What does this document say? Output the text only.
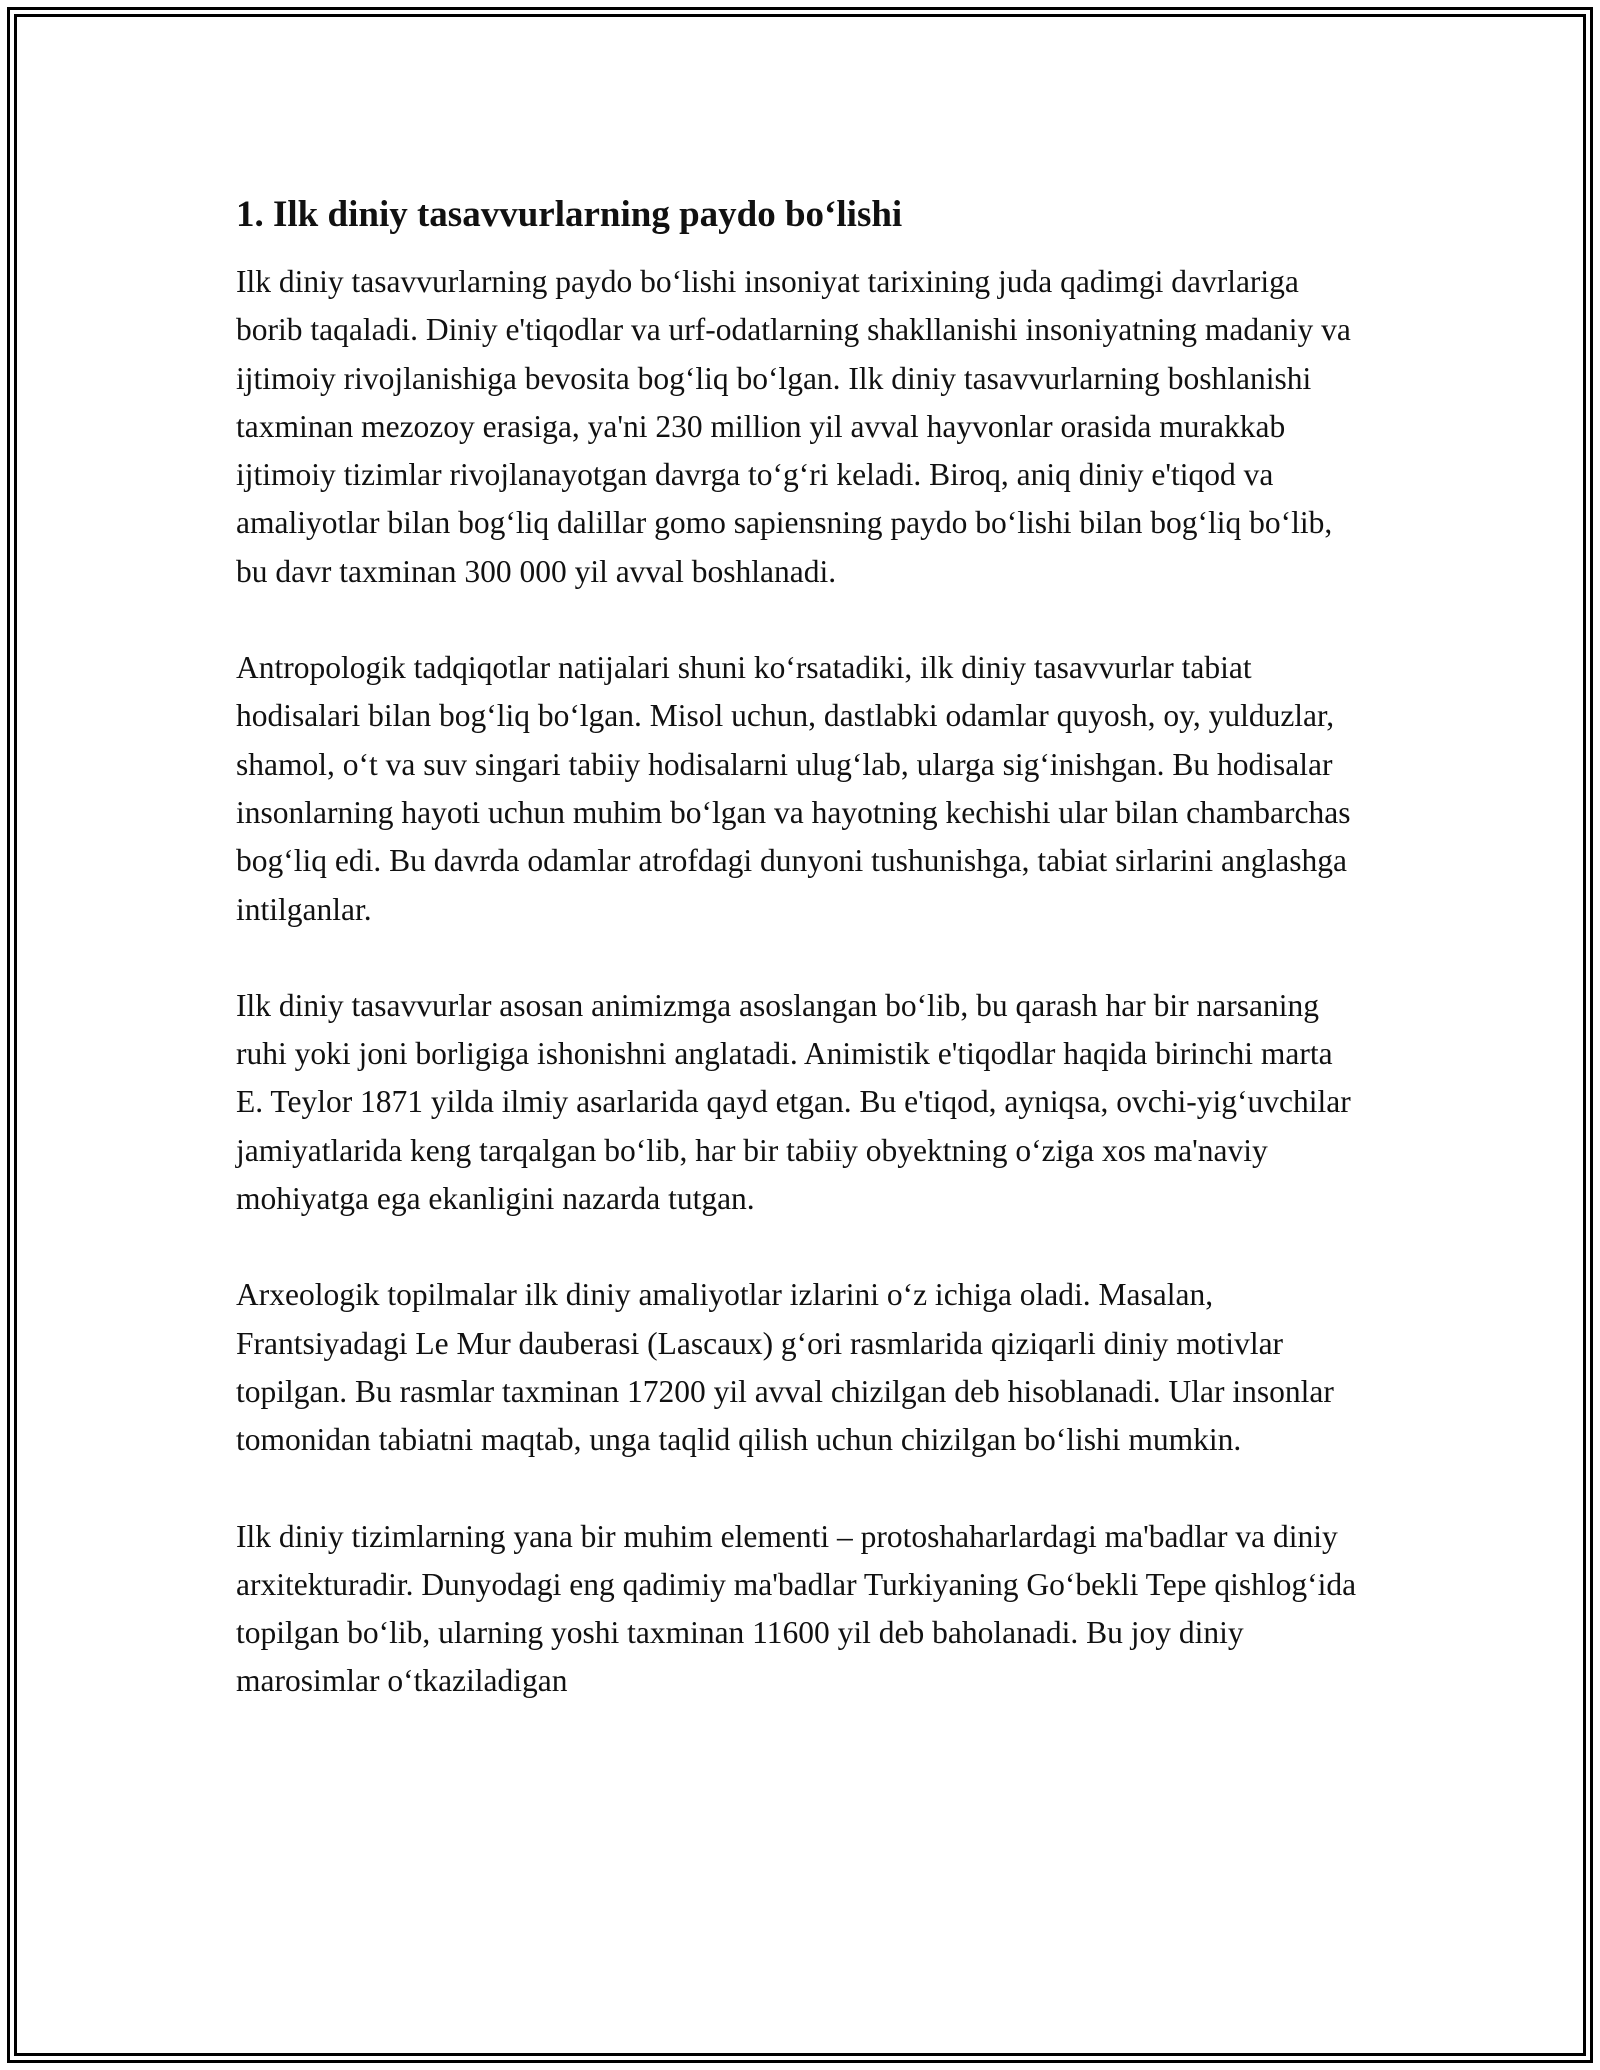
1. Ilk diniy tasavvurlarning paydo bo‘lishi

Ilk diniy tasavvurlarning paydo bo‘lishi insoniyat tarixining juda qadimgi davrlariga borib taqaladi. Diniy e'tiqodlar va urf-odatlarning shakllanishi insoniyatning madaniy va ijtimoiy rivojlanishiga bevosita bog‘liq bo‘lgan. Ilk diniy tasavvurlarning boshlanishi taxminan mezozoy erasiga, ya'ni 230 million yil avval hayvonlar orasida murakkab ijtimoiy tizimlar rivojlanayotgan davrga to‘g‘ri keladi. Biroq, aniq diniy e'tiqod va amaliyotlar bilan bog‘liq dalillar gomo sapiensning paydo bo‘lishi bilan bog‘liq bo‘lib, bu davr taxminan 300 000 yil avval boshlanadi.

Antropologik tadqiqotlar natijalari shuni ko‘rsatadiki, ilk diniy tasavvurlar tabiat hodisalari bilan bog‘liq bo‘lgan. Misol uchun, dastlabki odamlar quyosh, oy, yulduzlar, shamol, o‘t va suv singari tabiiy hodisalarni ulug‘lab, ularga sig‘inishgan. Bu hodisalar insonlarning hayoti uchun muhim bo‘lgan va hayotning kechishi ular bilan chambarchas bog‘liq edi. Bu davrda odamlar atrofdagi dunyoni tushunishga, tabiat sirlarini anglashga intilganlar.

Ilk diniy tasavvurlar asosan animizmga asoslangan bo‘lib, bu qarash har bir narsaning ruhi yoki joni borligiga ishonishni anglatadi. Animistik e'tiqodlar haqida birinchi marta E. Teylor 1871 yilda ilmiy asarlarida qayd etgan. Bu e'tiqod, ayniqsa, ovchi-yig‘uvchilar jamiyatlarida keng tarqalgan bo‘lib, har bir tabiiy obyektning o‘ziga xos ma'naviy mohiyatga ega ekanligini nazarda tutgan.

Arxeologik topilmalar ilk diniy amaliyotlar izlarini o‘z ichiga oladi. Masalan, Frantsiyadagi Le Mur dauberasi (Lascaux) g‘ori rasmlarida qiziqarli diniy motivlar topilgan. Bu rasmlar taxminan 17200 yil avval chizilgan deb hisoblanadi. Ular insonlar tomonidan tabiatni maqtab, unga taqlid qilish uchun chizilgan bo‘lishi mumkin.

Ilk diniy tizimlarning yana bir muhim elementi – protoshaharlardagi ma'badlar va diniy arxitekturadir. Dunyodagi eng qadimiy ma'badlar Turkiyaning Go‘bekli Tepe qishlog‘ida topilgan bo‘lib, ularning yoshi taxminan 11600 yil deb baholanadi. Bu joy diniy marosimlar o‘tkaziladigan
